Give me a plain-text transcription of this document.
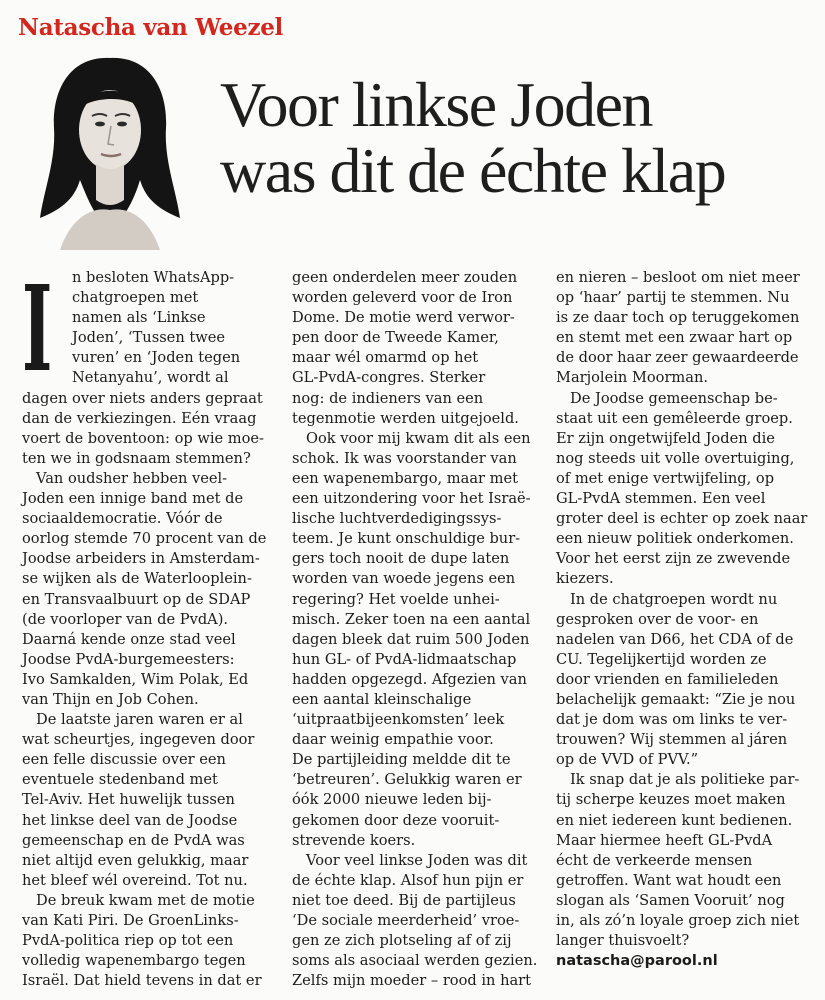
Natascha van Weezel
Voor linkse Joden
was dit de échte klap
I	n besloten WhatsApp-
chatgroepen met
namen als ‘Linkse
Joden’, ‘Tussen twee
vuren’ en ‘Joden tegen
Netanyahu’, wordt al
dagen over niets anders gepraat
dan de verkiezingen. Eén vraag
voert de boventoon: op wie moe-
ten we in godsnaam stemmen?
Van oudsher hebben veel-
Joden een innige band met de
sociaaldemocratie. Vóór de
oorlog stemde 70 procent van de
Joodse arbeiders in Amsterdam-
se wijken als de Waterlooplein-
en Transvaalbuurt op de SDAP
(de voorloper van de PvdA).
Daarná kende onze stad veel
Joodse PvdA-burgemeesters:
Ivo Samkalden, Wim Polak, Ed
van Thijn en Job Cohen.
De laatste jaren waren er al
wat scheurtjes, ingegeven door
een felle discussie over een
eventuele stedenband met
Tel-Aviv. Het huwelijk tussen
het linkse deel van de Joodse
gemeenschap en de PvdA was
niet altijd even gelukkig, maar
het bleef wél overeind. Tot nu.
De breuk kwam met de motie
van Kati Piri. De GroenLinks-
PvdA-politica riep op tot een
volledig wapenembargo tegen
Israël. Dat hield tevens in dat er
geen onderdelen meer zouden
worden geleverd voor de Iron
Dome. De motie werd verwor-
pen door de Tweede Kamer,
maar wél omarmd op het
GL-PvdA-congres. Sterker
nog: de indieners van een
tegenmotie werden uitgejoeld.
Ook voor mij kwam dit als een
schok. Ik was voorstander van
een wapenembargo, maar met
een uitzondering voor het Israë-
lische luchtverdedigingssys-
teem. Je kunt onschuldige bur-
gers toch nooit de dupe laten
worden van woede jegens een
regering? Het voelde unhei-
misch. Zeker toen na een aantal
dagen bleek dat ruim 500 Joden
hun GL- of PvdA-lidmaatschap
hadden opgezegd. Afgezien van
een aantal kleinschalige
‘uitpraatbijeenkomsten’ leek
daar weinig empathie voor.
De partijleiding meldde dit te
‘betreuren’. Gelukkig waren er
óók 2000 nieuwe leden bij-
gekomen door deze vooruit-
strevende koers.
Voor veel linkse Joden was dit
de échte klap. Alsof hun pijn er
niet toe deed. Bij de partijleus
‘De sociale meerderheid’ vroe-
gen ze zich plotseling af of zij
soms als asociaal werden gezien.
Zelfs mijn moeder – rood in hart
en nieren – besloot om niet meer
op ‘haar’ partij te stemmen. Nu
is ze daar toch op teruggekomen
en stemt met een zwaar hart op
de door haar zeer gewaardeerde
Marjolein Moorman.
De Joodse gemeenschap be-
staat uit een gemêleerde groep.
Er zijn ongetwijfeld Joden die
nog steeds uit volle overtuiging,
of met enige vertwijfeling, op
GL-PvdA stemmen. Een veel
groter deel is echter op zoek naar
een nieuw politiek onderkomen.
Voor het eerst zijn ze zwevende
kiezers.
In de chatgroepen wordt nu
gesproken over de voor- en
nadelen van D66, het CDA of de
CU. Tegelijkertijd worden ze
door vrienden en familieleden
belachelijk gemaakt: “Zie je nou
dat je dom was om links te ver-
trouwen? Wij stemmen al járen
op de VVD of PVV.”
Ik snap dat je als politieke par-
tij scherpe keuzes moet maken
en niet iedereen kunt bedienen.
Maar hiermee heeft GL-PvdA
écht de verkeerde mensen
getroffen. Want wat houdt een
slogan als ‘Samen Vooruit’ nog
in, als zó’n loyale groep zich niet
langer thuisvoelt?
natascha@parool.nl
